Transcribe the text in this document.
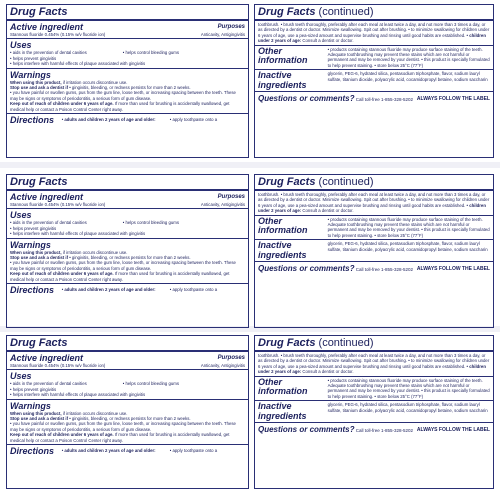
Drug Facts
Active ingredient	Purposes
Stannous fluoride 0.454% (0.15% w/v fluoride ion)	Anticavity, Antigingivitis
Uses
• aids in the prevention of dental cavities	• helps control bleeding gums
• helps prevent gingivitis
• helps interfere with harmful effects of plaque associated with gingivitis
Warnings
When using this product, if irritation occurs discontinue use.
Stop use and ask a dentist if • gingivitis, bleeding, or redness persists for more than 2 weeks.
• you have painful or swollen gums, pus from the gum line, loose teeth, or increasing spacing between the teeth. These may be signs or symptoms of periodontitis, a serious form of gum disease.
Keep out of reach of children under 6 years of age. If more than used for brushing is accidentally swallowed, get medical help or contact a Poison Control Center right away.
Directions	• adults and children 2 years of age and older:	• apply toothpaste onto a
Drug Facts (continued)
toothbrush. • brush teeth thoroughly, preferably after each meal at least twice a day, and not more than 3 times a day, or as directed by a dentist or doctor. Minimize swallowing. Spit out after brushing. • to minimize swallowing for children under 6 years of age, use a pea-sized amount and supervise brushing and rinsing until good habits are established. • children under 2 years of age: Consult a dentist or doctor.
Other information
• products containing stannous fluoride may produce surface staining of the teeth. Adequate toothbrushing may prevent these stains which are not harmful or permanent and may be removed by your dentist. • this product is specially formulated to help prevent staining. • store below 25°C (77°F)
Inactive ingredients
glycerin, PEG-6, hydrated silica, pentasodium triphosphate, flavor, sodium lauryl sulfate, titanium dioxide, polyacrylic acid, cocamidopropyl betaine, sodium saccharin
Questions or comments? Call toll-free 1-855-328-5202 ALWAYS FOLLOW THE LABEL
Drug Facts
Active ingredient	Purposes
Stannous fluoride 0.454% (0.15% w/v fluoride ion)	Anticavity, Antigingivitis
Uses
• aids in the prevention of dental cavities	• helps control bleeding gums
• helps prevent gingivitis
• helps interfere with harmful effects of plaque associated with gingivitis
Warnings
When using this product, if irritation occurs discontinue use.
Stop use and ask a dentist if • gingivitis, bleeding, or redness persists for more than 2 weeks.
• you have painful or swollen gums, pus from the gum line, loose teeth, or increasing spacing between the teeth. These may be signs or symptoms of periodontitis, a serious form of gum disease.
Keep out of reach of children under 6 years of age. If more than used for brushing is accidentally swallowed, get medical help or contact a Poison Control Center right away.
Directions	• adults and children 2 years of age and older:	• apply toothpaste onto a
Drug Facts (continued)
toothbrush. • brush teeth thoroughly, preferably after each meal at least twice a day, and not more than 3 times a day, or as directed by a dentist or doctor. Minimize swallowing. Spit out after brushing. • to minimize swallowing for children under 6 years of age, use a pea-sized amount and supervise brushing and rinsing until good habits are established. • children under 2 years of age: Consult a dentist or doctor.
Other information
• products containing stannous fluoride may produce surface staining of the teeth. Adequate toothbrushing may prevent these stains which are not harmful or permanent and may be removed by your dentist. • this product is specially formulated to help prevent staining. • store below 25°C (77°F)
Inactive ingredients
glycerin, PEG-6, hydrated silica, pentasodium triphosphate, flavor, sodium lauryl sulfate, titanium dioxide, polyacrylic acid, cocamidopropyl betaine, sodium saccharin
Questions or comments? Call toll-free 1-855-328-5202 ALWAYS FOLLOW THE LABEL
Drug Facts
Active ingredient	Purposes
Stannous fluoride 0.454% (0.15% w/v fluoride ion)	Anticavity, Antigingivitis
Uses
• aids in the prevention of dental cavities	• helps control bleeding gums
• helps prevent gingivitis
• helps interfere with harmful effects of plaque associated with gingivitis
Warnings
When using this product, if irritation occurs discontinue use.
Stop use and ask a dentist if • gingivitis, bleeding, or redness persists for more than 2 weeks.
• you have painful or swollen gums, pus from the gum line, loose teeth, or increasing spacing between the teeth. These may be signs or symptoms of periodontitis, a serious form of gum disease.
Keep out of reach of children under 6 years of age. If more than used for brushing is accidentally swallowed, get medical help or contact a Poison Control Center right away.
Directions	• adults and children 2 years of age and older:	• apply toothpaste onto a
Drug Facts (continued)
toothbrush. • brush teeth thoroughly, preferably after each meal at least twice a day, and not more than 3 times a day, or as directed by a dentist or doctor. Minimize swallowing. Spit out after brushing. • to minimize swallowing for children under 6 years of age, use a pea-sized amount and supervise brushing and rinsing until good habits are established. • children under 2 years of age: Consult a dentist or doctor.
Other information
• products containing stannous fluoride may produce surface staining of the teeth. Adequate toothbrushing may prevent these stains which are not harmful or permanent and may be removed by your dentist. • this product is specially formulated to help prevent staining. • store below 25°C (77°F)
Inactive ingredients
glycerin, PEG-6, hydrated silica, pentasodium triphosphate, flavor, sodium lauryl sulfate, titanium dioxide, polyacrylic acid, cocamidopropyl betaine, sodium saccharin
Questions or comments? Call toll-free 1-855-328-5202 ALWAYS FOLLOW THE LABEL
